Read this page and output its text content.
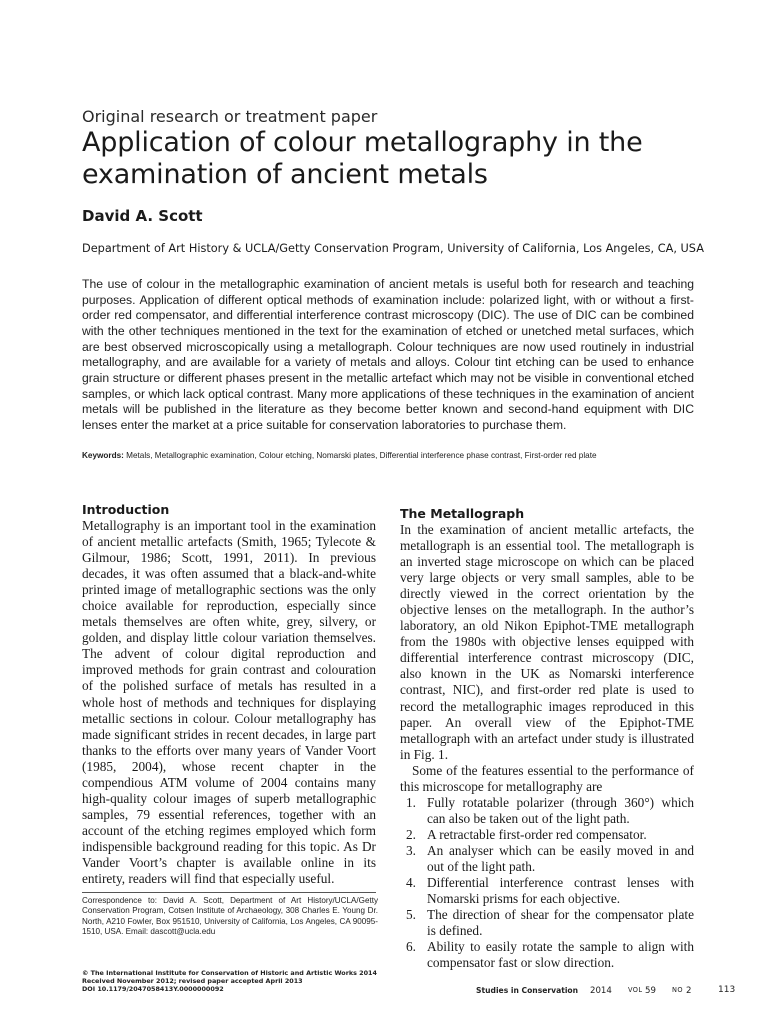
Original research or treatment paper
Application of colour metallography in the examination of ancient metals
David A. Scott
Department of Art History & UCLA/Getty Conservation Program, University of California, Los Angeles, CA, USA

The use of colour in the metallographic examination of ancient metals is useful both for research and teaching purposes. Application of different optical methods of examination include: polarized light, with or without a first-order red compensator, and differential interference contrast microscopy (DIC). The use of DIC can be combined with the other techniques mentioned in the text for the examination of etched or unetched metal surfaces, which are best observed microscopically using a metallograph. Colour techniques are now used routinely in industrial metallography, and are available for a variety of metals and alloys. Colour tint etching can be used to enhance grain structure or different phases present in the metallic artefact which may not be visible in conventional etched samples, or which lack optical contrast. Many more applications of these techniques in the examination of ancient metals will be published in the literature as they become better known and second-hand equipment with DIC lenses enter the market at a price suitable for conservation laboratories to purchase them.

Keywords: Metals, Metallographic examination, Colour etching, Nomarski plates, Differential interference phase contrast, First-order red plate
Introduction

Metallography is an important tool in the examination of ancient metallic artefacts (Smith, 1965; Tylecote & Gilmour, 1986; Scott, 1991, 2011). In previous decades, it was often assumed that a black-and-white printed image of metallographic sections was the only choice available for reproduction, especially since metals themselves are often white, grey, silvery, or golden, and display little colour variation themselves. The advent of colour digital reproduction and improved methods for grain contrast and colouration of the polished surface of metals has resulted in a whole host of methods and techniques for displaying metallic sections in colour. Colour metallography has made significant strides in recent decades, in large part thanks to the efforts over many years of Vander Voort (1985, 2004), whose recent chapter in the compendious ATM volume of 2004 contains many high-quality colour images of superb metallographic samples, 79 essential references, together with an account of the etching regimes employed which form indispensible background reading for this topic. As Dr Vander Voort’s chapter is available online in its entirety, readers will find that especially useful.

The Metallograph

In the examination of ancient metallic artefacts, the metallograph is an essential tool. The metallograph is an inverted stage microscope on which can be placed very large objects or very small samples, able to be directly viewed in the correct orientation by the objective lenses on the metallograph. In the author’s laboratory, an old Nikon Epiphot-TME metallograph from the 1980s with objective lenses equipped with differential interference contrast microscopy (DIC, also known in the UK as Nomarski interference contrast, NIC), and first-order red plate is used to record the metallographic images reproduced in this paper. An overall view of the Epiphot-TME metallograph with an artefact under study is illustrated in Fig. 1.

Some of the features essential to the performance of this microscope for metallography are

1. Fully rotatable polarizer (through 360°) which can also be taken out of the light path.
2. A retractable first-order red compensator.
3. An analyser which can be easily moved in and out of the light path.
4. Differential interference contrast lenses with Nomarski prisms for each objective.
5. The direction of shear for the compensator plate is defined.
6. Ability to easily rotate the sample to align with compensator fast or slow direction.
Correspondence to: David A. Scott, Department of Art History/UCLA/Getty Conservation Program, Cotsen Institute of Archaeology, 308 Charles E. Young Dr. North, A210 Fowler, Box 951510, University of California, Los Angeles, CA 90095-1510, USA. Email: dascott@ucla.edu
© The International Institute for Conservation of Historic and Artistic Works 2014
Received November 2012; revised paper accepted April 2013
DOI 10.1179/2047058413Y.0000000092	Studies in Conservation 2014 VOL 59 NO 2	113
